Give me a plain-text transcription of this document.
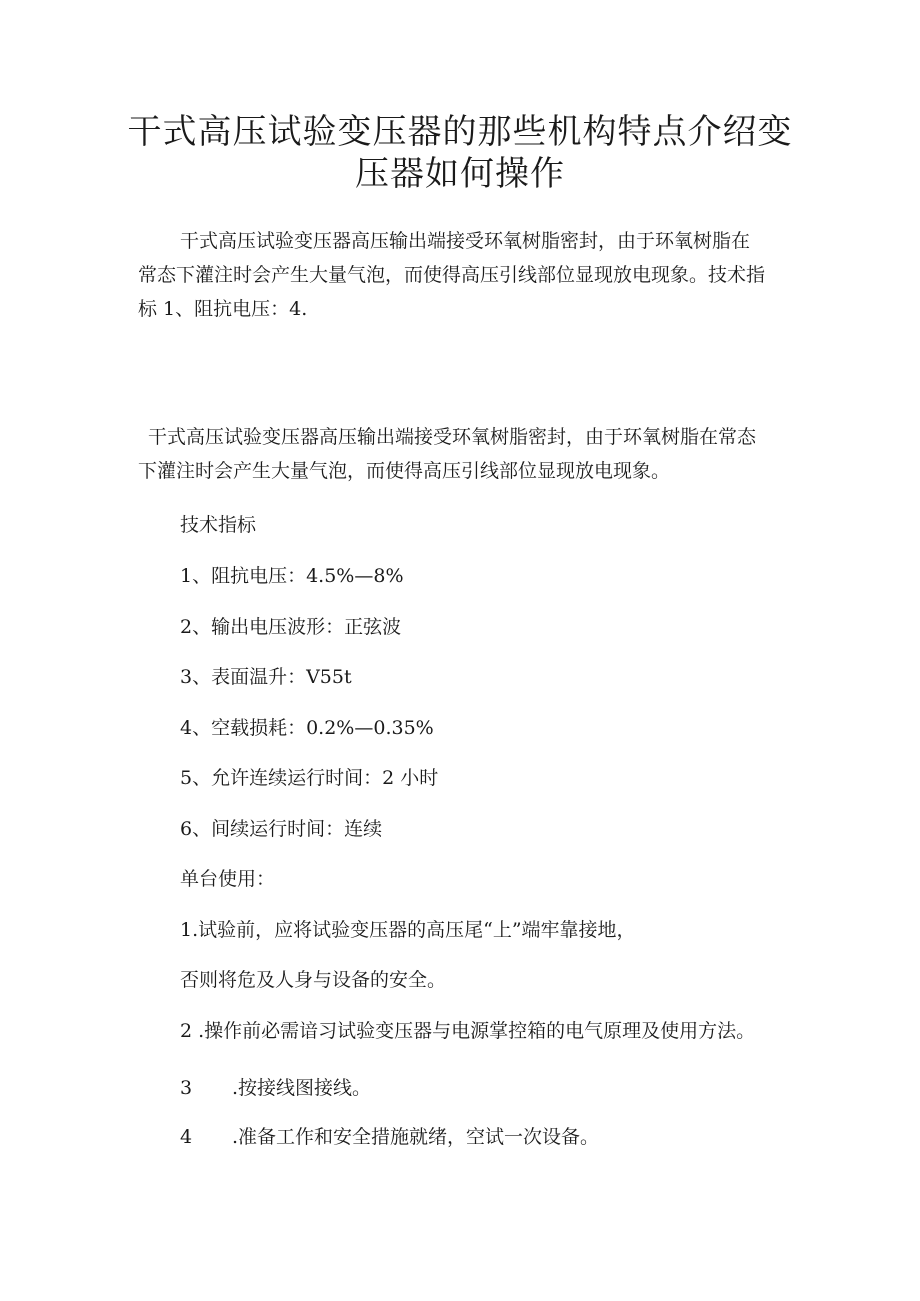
干式高压试验变压器的那些机构特点介绍变
压器如何操作

干式高压试验变压器高压输出端接受环氧树脂密封，由于环氧树脂在

常态下灌注时会产生大量气泡，而使得高压引线部位显现放电现象。技术指

标 1、阻抗电压：4.

干式高压试验变压器高压输出端接受环氧树脂密封，由于环氧树脂在常态

下灌注时会产生大量气泡，而使得高压引线部位显现放电现象。

技术指标

1、阻抗电压：4.5%—8%

2、输出电压波形：正弦波

3、表面温升：V55t

4、空载损耗：0.2%—0.35%

5、允许连续运行时间：2 小时

6、间续运行时间：连续

单台使用：

1.试验前，应将试验变压器的高压尾“上”端牢靠接地，

否则将危及人身与设备的安全。

2 .操作前必需谙习试验变压器与电源掌控箱的电气原理及使用方法。

3 .按接线图接线。

4 .准备工作和安全措施就绪，空试一次设备。
